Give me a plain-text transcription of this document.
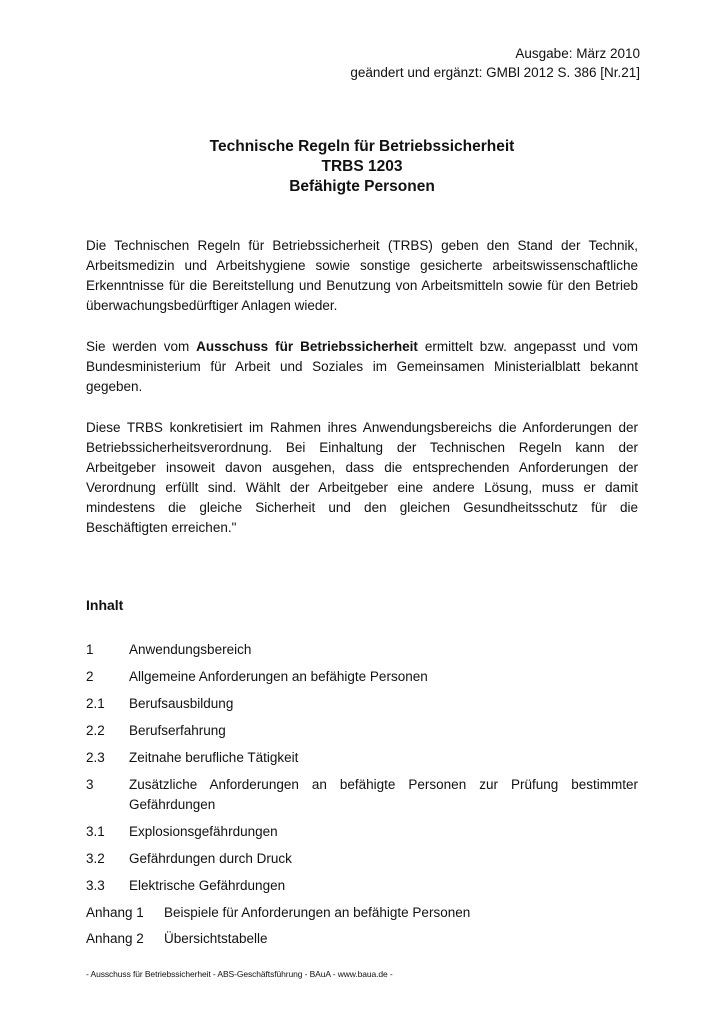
Ausgabe: März 2010
geändert und ergänzt: GMBl 2012 S. 386 [Nr.21]
Technische Regeln für Betriebssicherheit
TRBS 1203
Befähigte Personen

Die Technischen Regeln für Betriebssicherheit (TRBS) geben den Stand der Technik, Arbeitsmedizin und Arbeitshygiene sowie sonstige gesicherte arbeitswissenschaftliche Erkenntnisse für die Bereitstellung und Benutzung von Arbeitsmitteln sowie für den Betrieb überwachungsbedürftiger Anlagen wieder.

Sie werden vom Ausschuss für Betriebssicherheit ermittelt bzw. angepasst und vom Bundesministerium für Arbeit und Soziales im Gemeinsamen Ministerialblatt bekannt gegeben.

Diese TRBS konkretisiert im Rahmen ihres Anwendungsbereichs die Anforderungen der Betriebssicherheitsverordnung. Bei Einhaltung der Technischen Regeln kann der Arbeitgeber insoweit davon ausgehen, dass die entsprechenden Anforderungen der Verordnung erfüllt sind. Wählt der Arbeitgeber eine andere Lösung, muss er damit mindestens die gleiche Sicherheit und den gleichen Gesundheitsschutz für die Beschäftigten erreichen."

Inhalt
1	Anwendungsbereich
2	Allgemeine Anforderungen an befähigte Personen
2.1	Berufsausbildung
2.2	Berufserfahrung
2.3	Zeitnahe berufliche Tätigkeit
3	Zusätzliche Anforderungen an befähigte Personen zur Prüfung bestimmter Gefährdungen
3.1	Explosionsgefährdungen
3.2	Gefährdungen durch Druck
3.3	Elektrische Gefährdungen
Anhang 1	Beispiele für Anforderungen an befähigte Personen
Anhang 2	Übersichtstabelle
- Ausschuss für Betriebssicherheit - ABS-Geschäftsführung - BAuA - www.baua.de -
